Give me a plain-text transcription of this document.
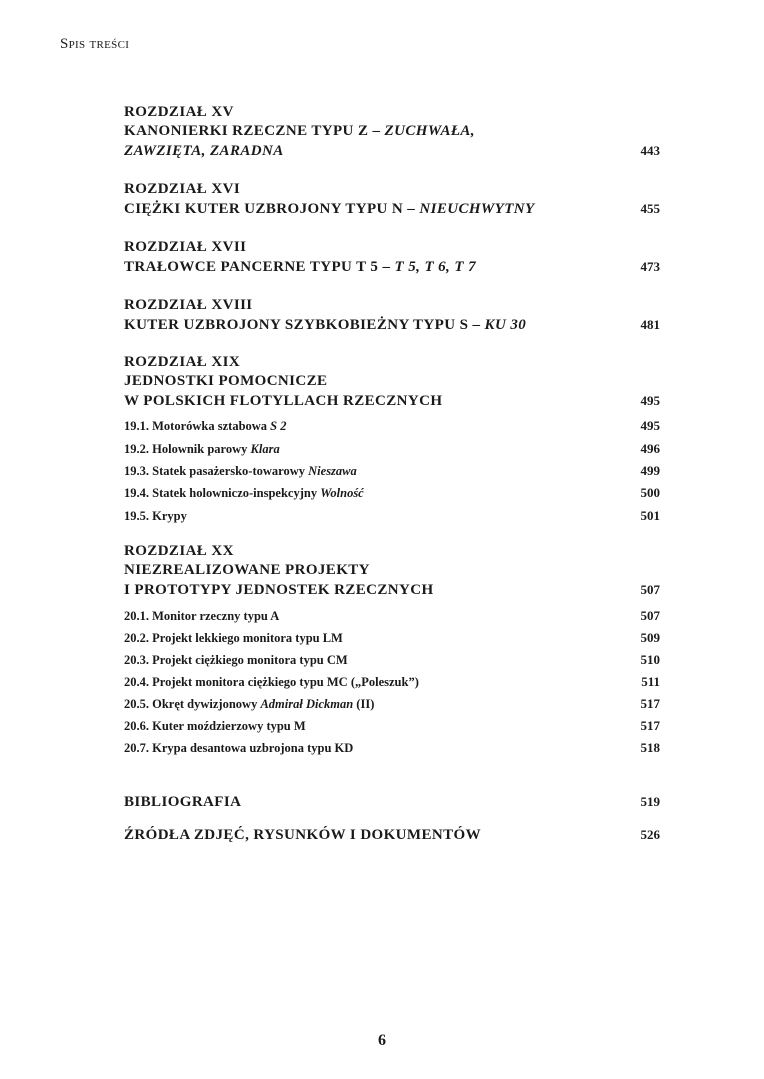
Spis treści
ROZDZIAŁ XV
KANONIERKI RZECZNE TYPU Z – ZUCHWAŁA,
ZAWZIĘTA, ZARADNA	443
ROZDZIAŁ XVI
CIĘŻKI KUTER UZBROJONY TYPU N – NIEUCHWYTNY	455
ROZDZIAŁ XVII
TRAŁOWCE PANCERNE TYPU T 5 – T 5, T 6, T 7	473
ROZDZIAŁ XVIII
KUTER UZBROJONY SZYBKOBIEŻNY TYPU S – KU 30	481
ROZDZIAŁ XIX
JEDNOSTKI POMOCNICZE
W POLSKICH FLOTYLLACH RZECZNYCH	495
19.1. Motorówka sztabowa S 2	495
19.2. Holownik parowy Klara	496
19.3. Statek pasażersko-towarowy Nieszawa	499
19.4. Statek holowniczo-inspekcyjny Wolność	500
19.5. Krypy	501
ROZDZIAŁ XX
NIEZREALIZOWANE PROJEKTY
I PROTOTYPY JEDNOSTEK RZECZNYCH	507
20.1. Monitor rzeczny typu A	507
20.2. Projekt lekkiego monitora typu LM	509
20.3. Projekt ciężkiego monitora typu CM	510
20.4. Projekt monitora ciężkiego typu MC („Poleszuk”)	511
20.5. Okręt dywizjonowy Admirał Dickman (II)	517
20.6. Kuter moździerzowy typu M	517
20.7. Krypa desantowa uzbrojona typu KD	518
BIBLIOGRAFIA	519
ŹRÓDŁA ZDJĘĆ, RYSUNKÓW I DOKUMENTÓW	526
6
